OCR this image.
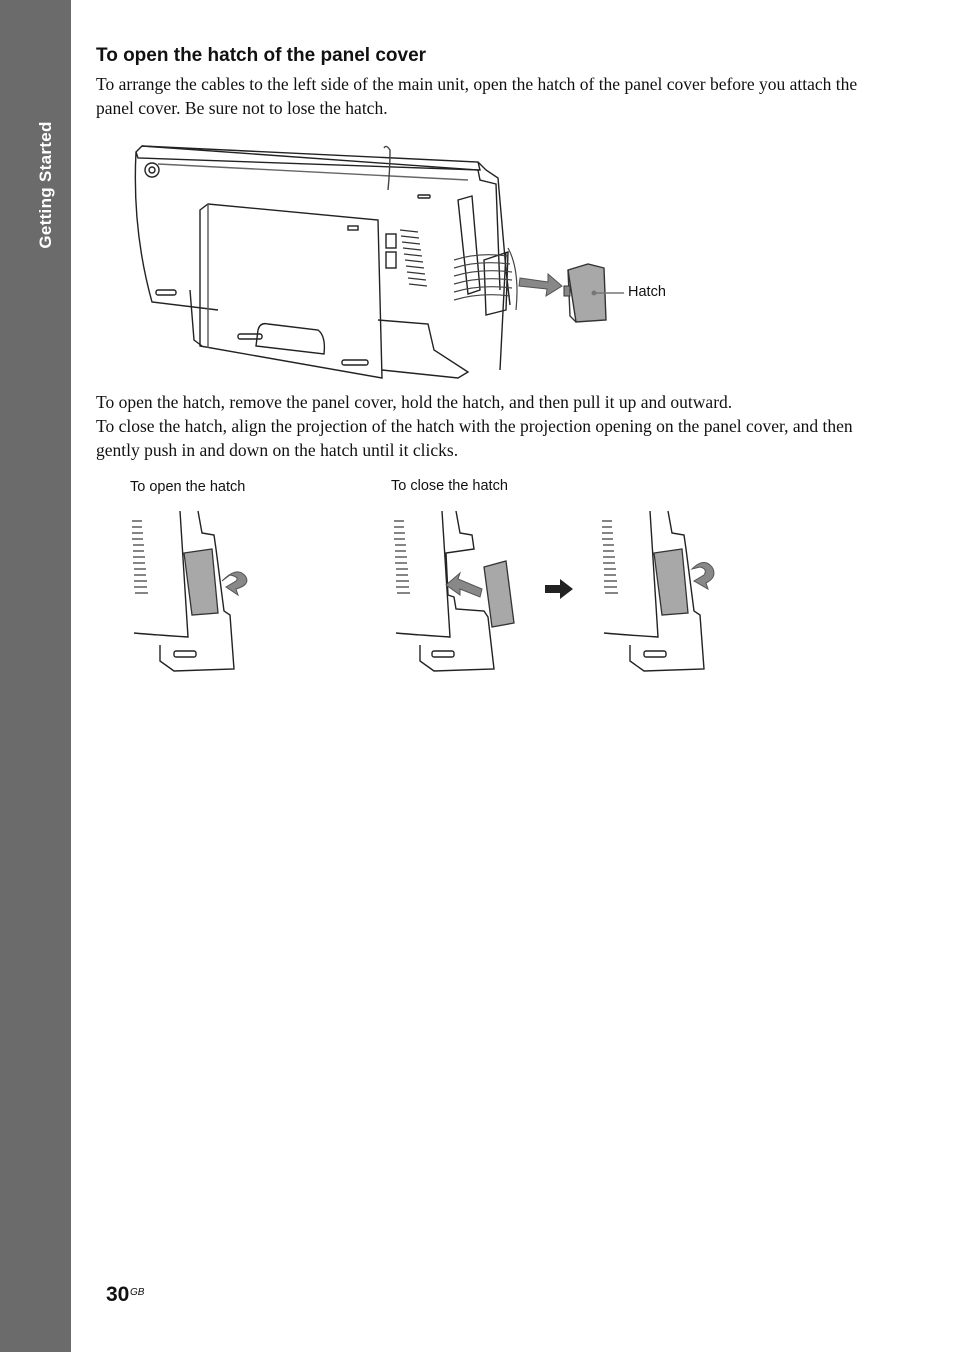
Getting Started
To open the hatch of the panel cover

To arrange the cables to the left side of the main unit, open the hatch of the panel cover before you attach the panel cover. Be sure not to lose the hatch.

Hatch

To open the hatch, remove the panel cover, hold the hatch, and then pull it up and outward.

To close the hatch, align the projection of the hatch with the projection opening on the panel cover, and then gently push in and down on the hatch until it clicks.

To open the hatch	To close the hatch
30 GB
